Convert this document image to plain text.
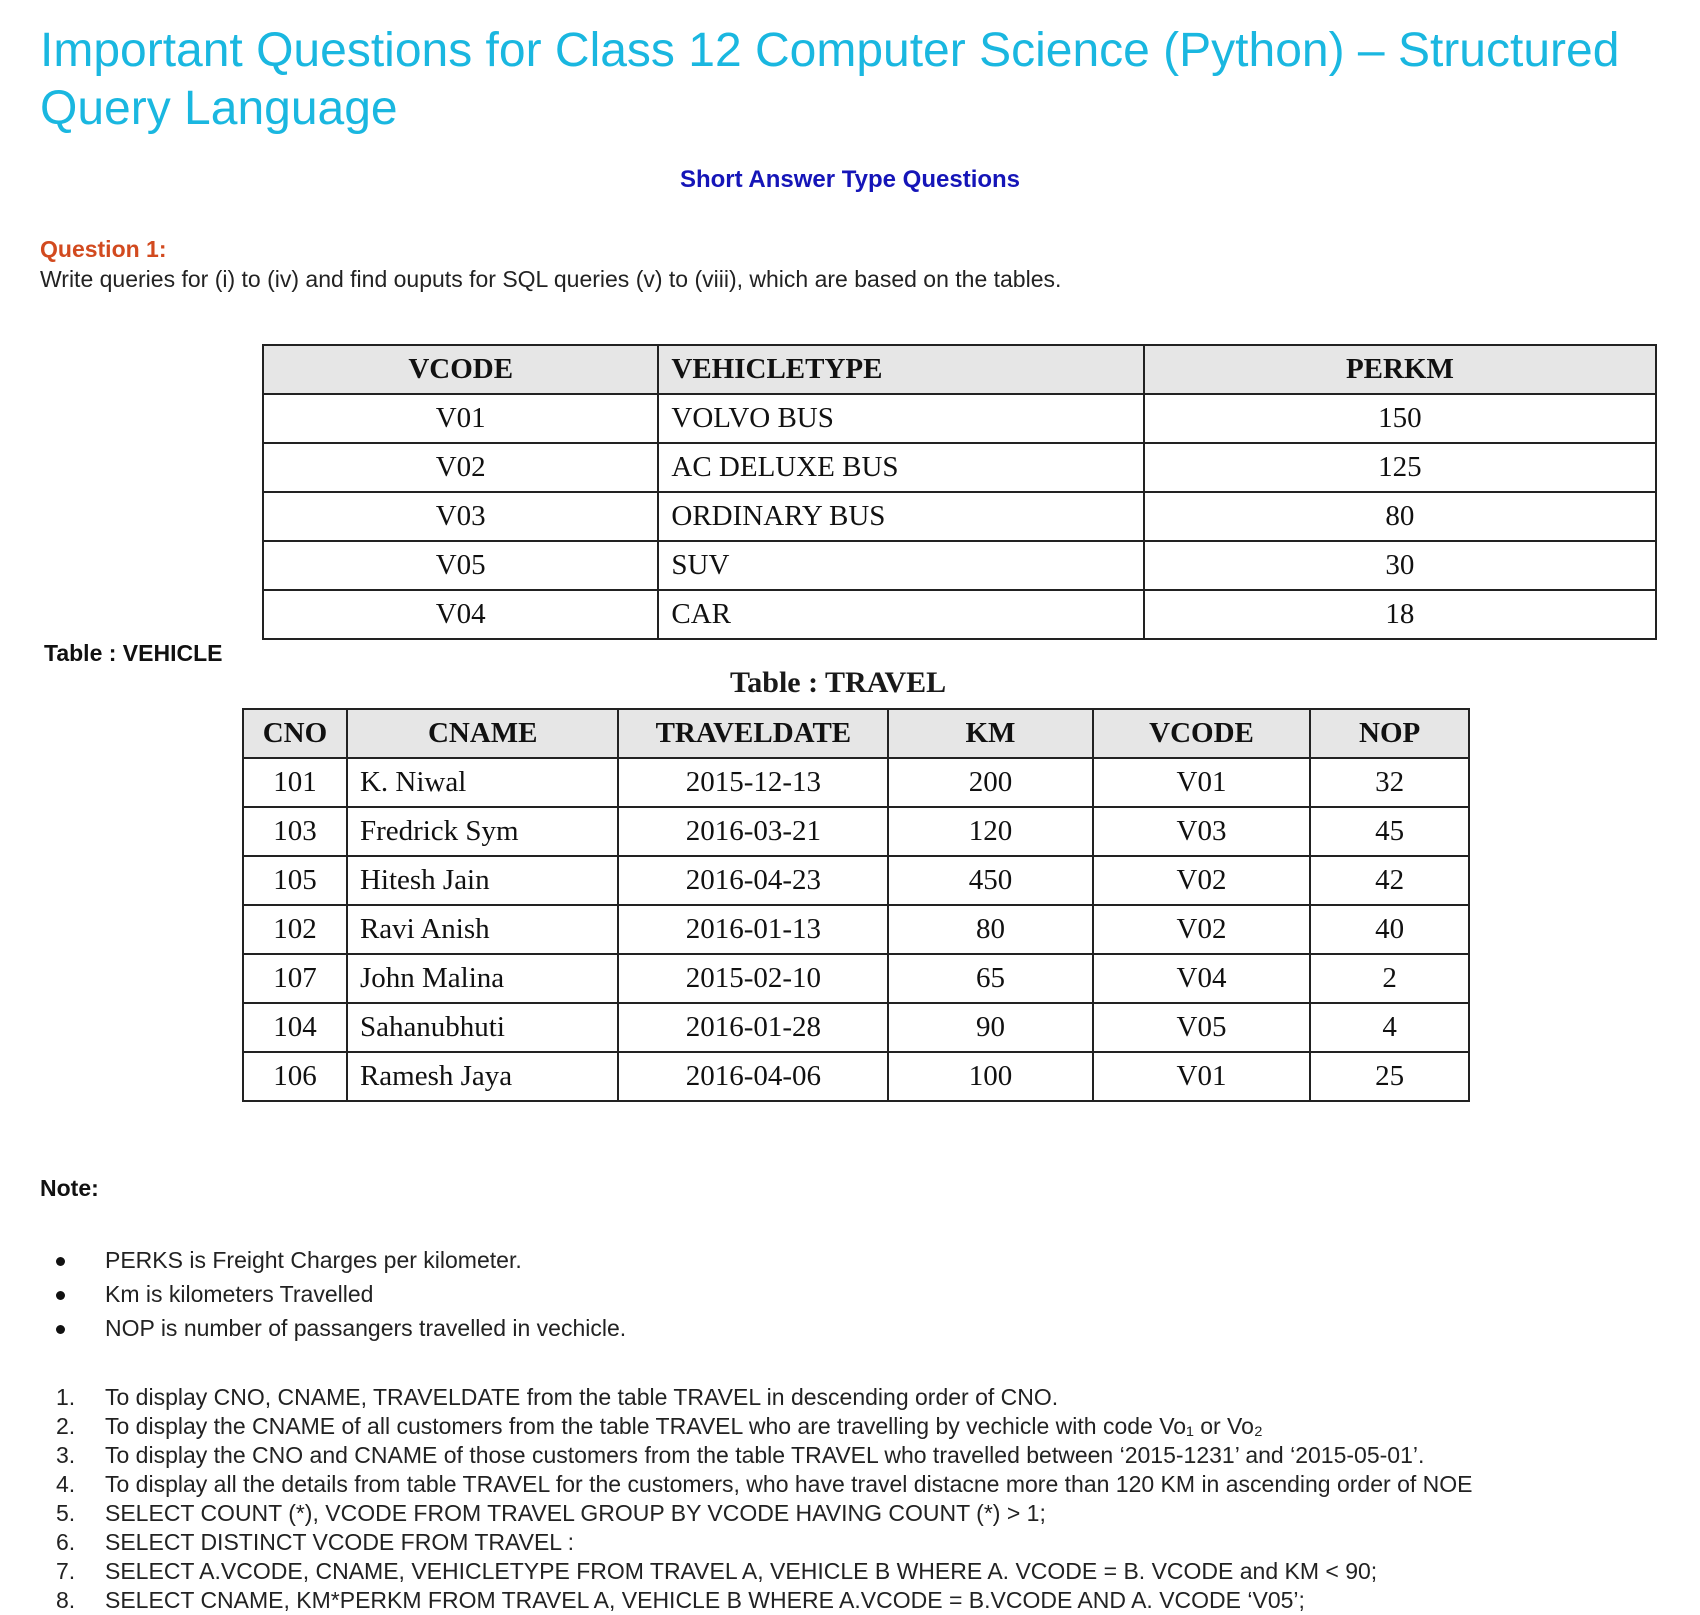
Important Questions for Class 12 Computer Science (Python) – Structured Query Language
Short Answer Type Questions
Question 1:
Write queries for (i) to (iv) and find ouputs for SQL queries (v) to (viii), which are based on the tables.
Table : VEHICLE
VCODE	VEHICLETYPE	PERKM
V01	VOLVO BUS	150
V02	AC DELUXE BUS	125
V03	ORDINARY BUS	80
V05	SUV	30
V04	CAR	18
Table : TRAVEL
CNO	CNAME	TRAVELDATE	KM	VCODE	NOP
101	K. Niwal	2015-12-13	200	V01	32
103	Fredrick Sym	2016-03-21	120	V03	45
105	Hitesh Jain	2016-04-23	450	V02	42
102	Ravi Anish	2016-01-13	80	V02	40
107	John Malina	2015-02-10	65	V04	2
104	Sahanubhuti	2016-01-28	90	V05	4
106	Ramesh Jaya	2016-04-06	100	V01	25
Note:
PERKS is Freight Charges per kilometer.
Km is kilometers Travelled
NOP is number of passangers travelled in vechicle.
1. To display CNO, CNAME, TRAVELDATE from the table TRAVEL in descending order of CNO.
2. To display the CNAME of all customers from the table TRAVEL who are travelling by vechicle with code Vo₁ or Vo₂
3. To display the CNO and CNAME of those customers from the table TRAVEL who travelled between ‘2015-1231’ and ‘2015-05-01’.
4. To display all the details from table TRAVEL for the customers, who have travel distacne more than 120 KM in ascending order of NOE
5. SELECT COUNT (*), VCODE FROM TRAVEL GROUP BY VCODE HAVING COUNT (*) > 1;
6. SELECT DISTINCT VCODE FROM TRAVEL :
7. SELECT A.VCODE, CNAME, VEHICLETYPE FROM TRAVEL A, VEHICLE B WHERE A. VCODE = B. VCODE and KM < 90;
8. SELECT CNAME, KM*PERKM FROM TRAVEL A, VEHICLE B WHERE A.VCODE = B.VCODE AND A. VCODE ‘V05’;
